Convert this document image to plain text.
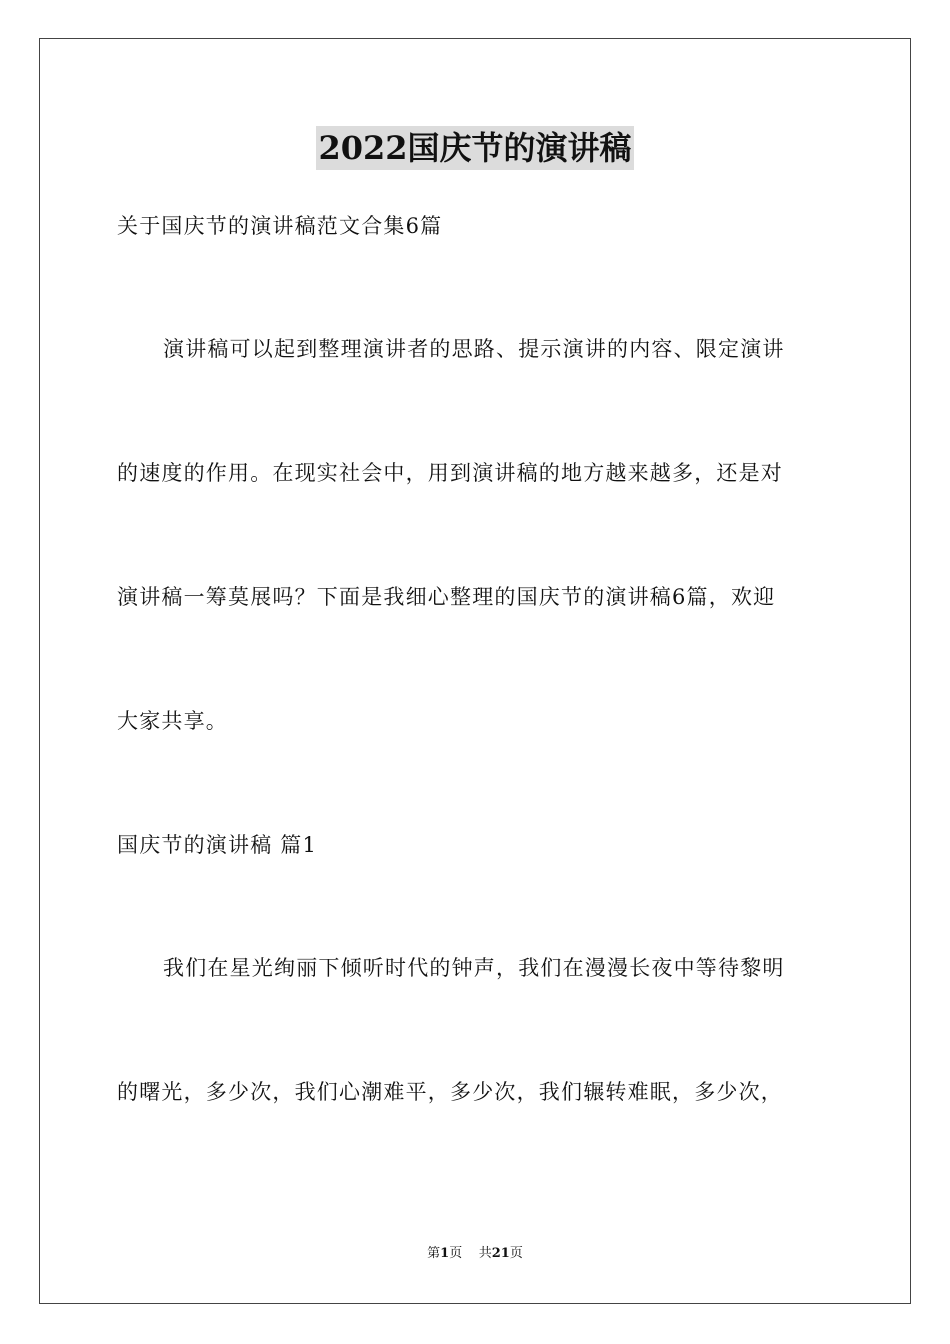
2022国庆节的演讲稿
关于国庆节的演讲稿范文合集6篇
演讲稿可以起到整理演讲者的思路、提示演讲的内容、限定演讲
的速度的作用。在现实社会中，用到演讲稿的地方越来越多，还是对
演讲稿一筹莫展吗？下面是我细心整理的国庆节的演讲稿6篇，欢迎
大家共享。
国庆节的演讲稿 篇1
我们在星光绚丽下倾听时代的钟声，我们在漫漫长夜中等待黎明
的曙光，多少次，我们心潮难平，多少次，我们辗转难眠，多少次，
第1页 共21页
